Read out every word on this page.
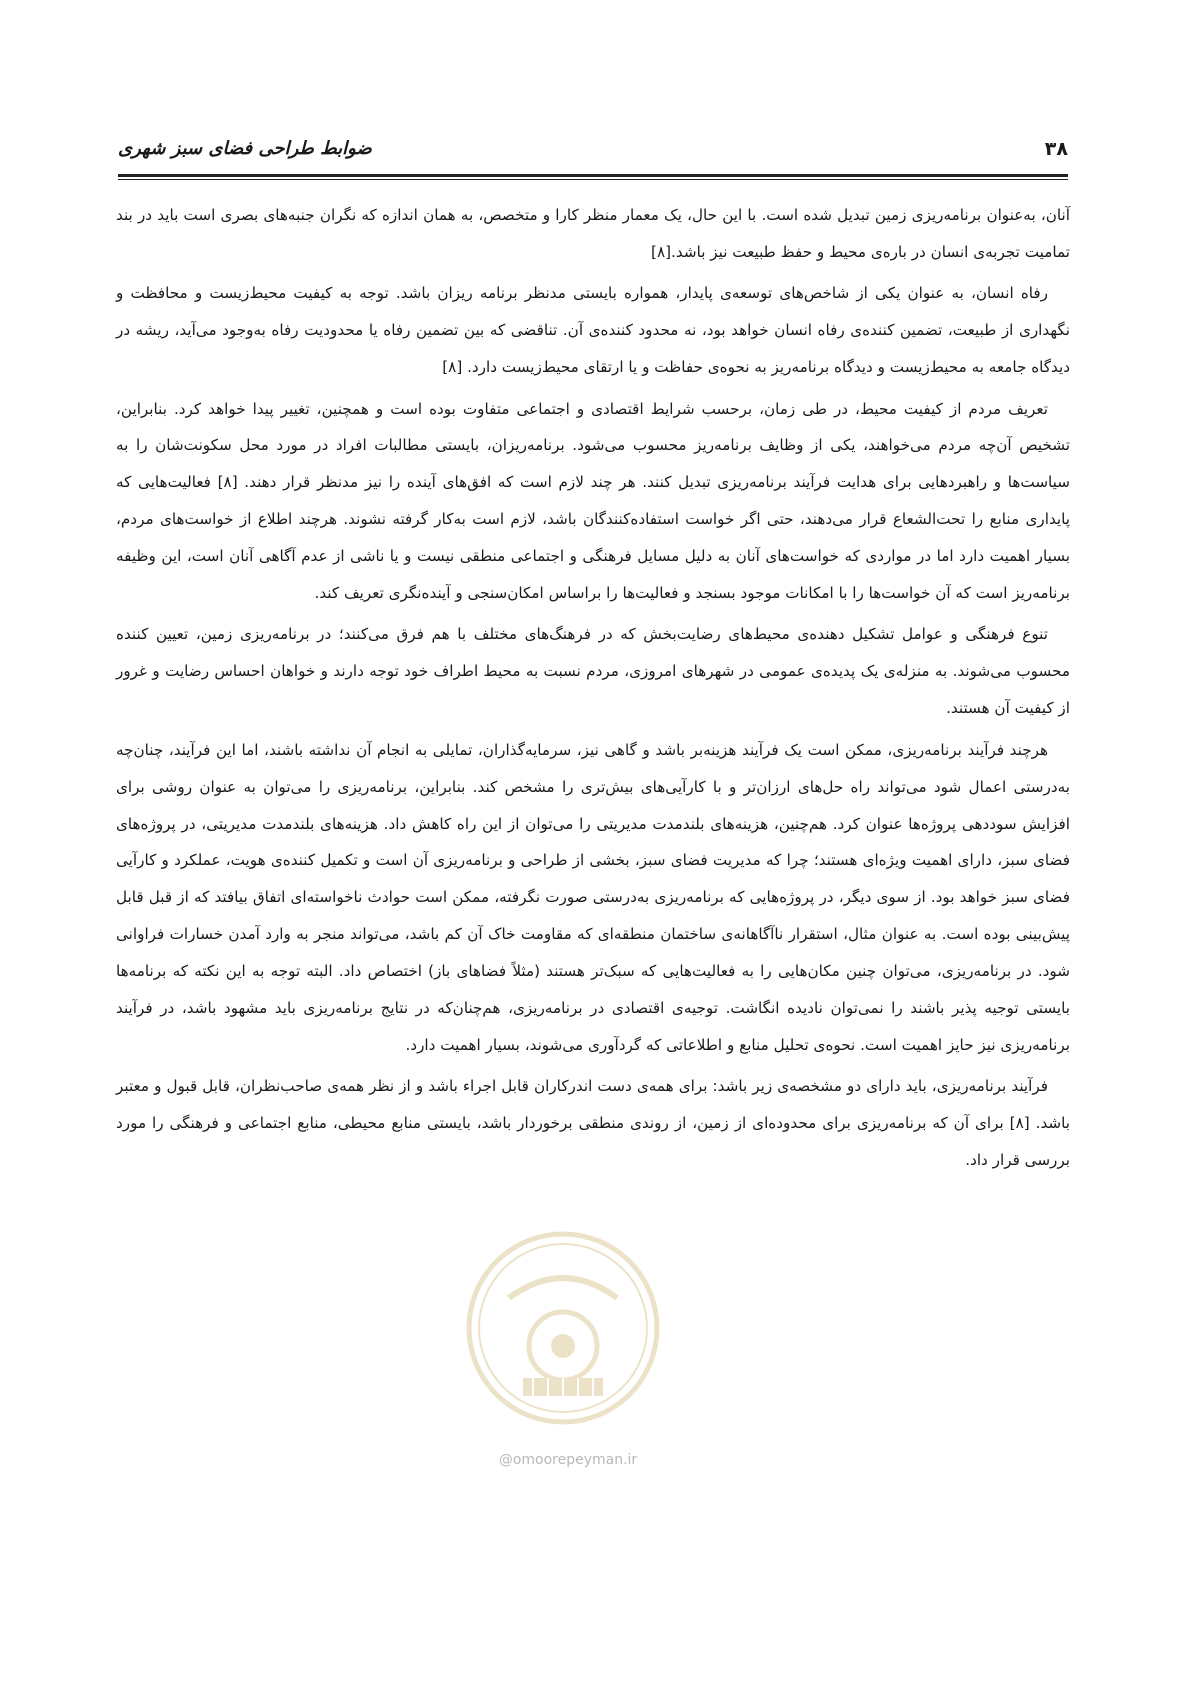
۳۸
ضوابط طراحی فضای سبز شهری

آنان، به‌عنوان برنامه‌ریزی زمین تبدیل شده است. با این حال، یک معمار منظر کارا و متخصص، به همان اندازه که نگران جنبه‌های بصری است باید در بند تمامیت تجربه‌ی انسان در باره‌ی محیط و حفظ طبیعت نیز باشد.[۸]

رفاه انسان، به عنوان یکی از شاخص‌های توسعه‌ی پایدار، همواره بایستی مدنظر برنامه ریزان باشد. توجه به کیفیت محیط‌زیست و محافظت و نگهداری از طبیعت، تضمین کننده‌ی رفاه انسان خواهد بود، نه محدود کننده‌ی آن. تناقضی که بین تضمین رفاه یا محدودیت رفاه به‌وجود می‌آید، ریشه در دیدگاه جامعه به محیط‌زیست و دیدگاه برنامه‌ریز به نحوه‌ی حفاظت و یا ارتقای محیط‌زیست دارد. [۸]

تعریف مردم از کیفیت محیط، در طی زمان، برحسب شرایط اقتصادی و اجتماعی متفاوت بوده است و همچنین، تغییر پیدا خواهد کرد. بنابراین، تشخیص آن‌چه مردم می‌خواهند، یکی از وظایف برنامه‌ریز محسوب می‌شود. برنامه‌ریزان، بایستی مطالبات افراد در مورد محل سکونت‌شان را به سیاست‌ها و راهبردهایی برای هدایت فرآیند برنامه‌ریزی تبدیل کنند. هر چند لازم است که افق‌های آینده را نیز مدنظر قرار دهند. [۸] فعالیت‌هایی که پایداری منابع را تحت‌الشعاع قرار می‌دهند، حتی اگر خواست استفاده‌کنندگان باشد، لازم است به‌کار گرفته نشوند. هرچند اطلاع از خواست‌های مردم، بسیار اهمیت دارد اما در مواردی که خواست‌های آنان به دلیل مسایل فرهنگی و اجتماعی منطقی نیست و یا ناشی از عدم آگاهی آنان است، این وظیفه برنامه‌ریز است که آن خواست‌ها را با امکانات موجود بسنجد و فعالیت‌ها را براساس امکان‌سنجی و آینده‌نگری تعریف کند.

تنوع فرهنگی و عوامل تشکیل دهنده‌ی محیط‌های رضایت‌بخش که در فرهنگ‌های مختلف با هم فرق می‌کنند؛ در برنامه‌ریزی زمین، تعیین کننده محسوب می‌شوند. به منزله‌ی یک پدیده‌ی عمومی در شهرهای امروزی، مردم نسبت به محیط اطراف خود توجه دارند و خواهان احساس رضایت و غرور از کیفیت آن هستند.

هرچند فرآیند برنامه‌ریزی، ممکن است یک فرآیند هزینه‌بر باشد و گاهی نیز، سرمایه‌گذاران، تمایلی به انجام آن نداشته باشند، اما این فرآیند، چنان‌چه به‌درستی اعمال شود می‌تواند راه حل‌های ارزان‌تر و با کارآیی‌های بیش‌تری را مشخص کند. بنابراین، برنامه‌ریزی را می‌توان به عنوان روشی برای افزایش سوددهی پروژه‌ها عنوان کرد. هم‌چنین، هزینه‌های بلندمدت مدیریتی را می‌توان از این راه کاهش داد. هزینه‌های بلندمدت مدیریتی، در پروژه‌های فضای سبز، دارای اهمیت ویژه‌ای هستند؛ چرا که مدیریت فضای سبز، بخشی از طراحی و برنامه‌ریزی آن است و تکمیل کننده‌ی هویت، عملکرد و کارآیی فضای سبز خواهد بود. از سوی دیگر، در پروژه‌هایی که برنامه‌ریزی به‌درستی صورت نگرفته، ممکن است حوادث ناخواسته‌ای اتفاق بیافتد که از قبل قابل پیش‌بینی بوده است. به عنوان مثال، استقرار ناآگاهانه‌ی ساختمان منطقه‌ای که مقاومت خاک آن کم باشد، می‌تواند منجر به وارد آمدن خسارات فراوانی شود. در برنامه‌ریزی، می‌توان چنین مکان‌هایی را به فعالیت‌هایی که سبک‌تر هستند (مثلاً فضاهای باز) اختصاص داد. البته توجه به این نکته که برنامه‌ها بایستی توجیه پذیر باشند را نمی‌توان نادیده انگاشت. توجیه‌ی اقتصادی در برنامه‌ریزی، هم‌چنان‌که در نتایج برنامه‌ریزی باید مشهود باشد، در فرآیند برنامه‌ریزی نیز حایز اهمیت است. نحوه‌ی تحلیل منابع و اطلاعاتی که گردآوری می‌شوند، بسیار اهمیت دارد.

فرآیند برنامه‌ریزی، باید دارای دو مشخصه‌ی زیر باشد: برای همه‌ی دست اندرکاران قابل اجراء باشد و از نظر همه‌ی صاحب‌نظران، قابل قبول و معتبر باشد. [۸] برای آن که برنامه‌ریزی برای محدوده‌ای از زمین، از روندی منطقی برخوردار باشد، بایستی منابع محیطی، منابع اجتماعی و فرهنگی را مورد بررسی قرار داد.

@omoorepeyman.ir
